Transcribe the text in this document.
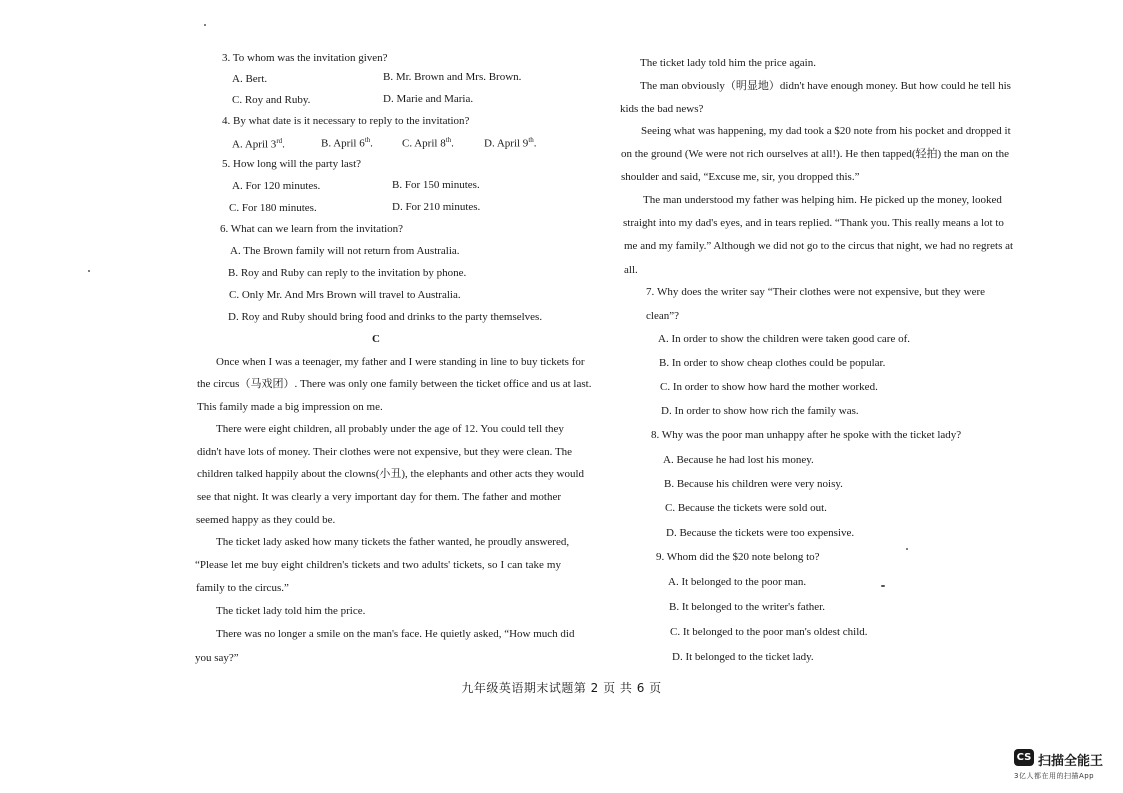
3. To whom was the invitation given?
A. Bert.	B. Mr. Brown and Mrs. Brown.
C. Roy and Ruby.	D. Marie and Maria.
4. By what date is it necessary to reply to the invitation?
A. April 3rd.	B. April 6th.	C. April 8th.	D. April 9th.
5. How long will the party last?
A. For 120 minutes.	B. For 150 minutes.
C. For 180 minutes.	D. For 210 minutes.
6. What can we learn from the invitation?
A. The Brown family will not return from Australia.
B. Roy and Ruby can reply to the invitation by phone.
C. Only Mr. And Mrs Brown will travel to Australia.
D. Roy and Ruby should bring food and drinks to the party themselves.
C
Once when I was a teenager, my father and I were standing in line to buy tickets for
the circus（马戏团）. There was only one family between the ticket office and us at last.
This family made a big impression on me.
There were eight children, all probably under the age of 12. You could tell they
didn't have lots of money. Their clothes were not expensive, but they were clean. The
children talked happily about the clowns(小丑), the elephants and other acts they would
see that night. It was clearly a very important day for them. The father and mother
seemed happy as they could be.
The ticket lady asked how many tickets the father wanted, he proudly answered,
“Please let me buy eight children's tickets and two adults' tickets, so I can take my
family to the circus.”
The ticket lady told him the price.
There was no longer a smile on the man's face. He quietly asked, “How much did
you say?”
The ticket lady told him the price again.
The man obviously（明显地）didn't have enough money. But how could he tell his
kids the bad news?
Seeing what was happening, my dad took a $20 note from his pocket and dropped it
on the ground (We were not rich ourselves at all!). He then tapped(轻拍) the man on the
shoulder and said, “Excuse me, sir, you dropped this.”
The man understood my father was helping him. He picked up the money, looked
straight into my dad's eyes, and in tears replied. “Thank you. This really means a lot to
me and my family.” Although we did not go to the circus that night, we had no regrets at
all.
7. Why does the writer say “Their clothes were not expensive, but they were
clean”?
A. In order to show the children were taken good care of.
B. In order to show cheap clothes could be popular.
C. In order to show how hard the mother worked.
D. In order to show how rich the family was.
8. Why was the poor man unhappy after he spoke with the ticket lady?
A. Because he had lost his money.
B. Because his children were very noisy.
C. Because the tickets were sold out.
D. Because the tickets were too expensive.
9. Whom did the $20 note belong to?
A. It belonged to the poor man.
B. It belonged to the writer's father.
C. It belonged to the poor man's oldest child.
D. It belonged to the ticket lady.
九年级英语期末试题第 2 页 共 6 页
CS 扫描全能王
3亿人都在用的扫描App
